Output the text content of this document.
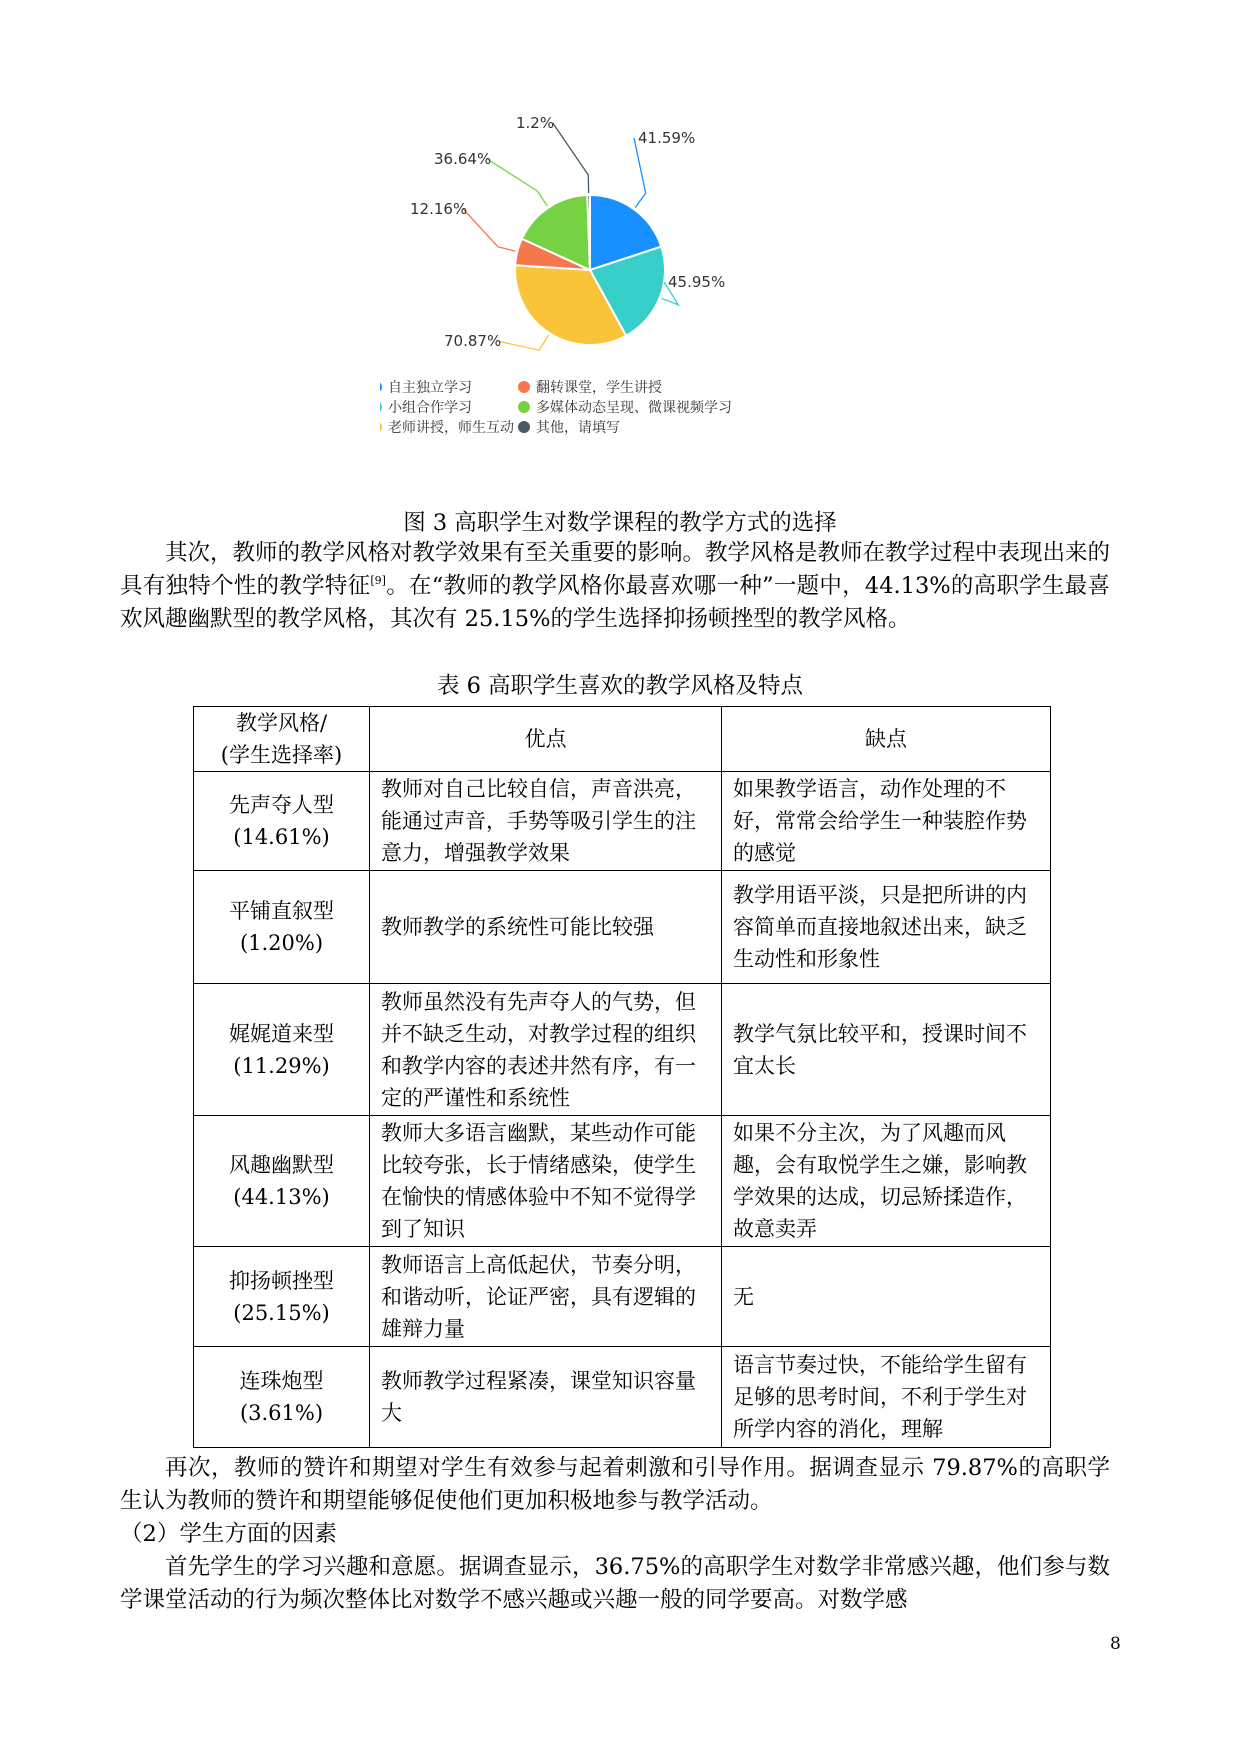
41.59%
45.95%
70.87%
12.16%
36.64%
1.2%
自主独立学习
小组合作学习
老师讲授，师生互动
翻转课堂，学生讲授
多媒体动态呈现、微课视频学习
其他，请填写
图 3 高职学生对数学课程的教学方式的选择

其次，教师的教学风格对教学效果有至关重要的影响。教学风格是教师在教学过程中表现出来的具有独特个性的教学特征[9]。在“教师的教学风格你最喜欢哪一种”一题中，44.13%的高职学生最喜欢风趣幽默型的教学风格，其次有 25.15%的学生选择抑扬顿挫型的教学风格。

表 6 高职学生喜欢的教学风格及特点
教学风格/
(学生选择率)	优点	缺点

先声夺人型
(14.61%)	教师对自己比较自信，声音洪亮，能通过声音，手势等吸引学生的注意力，增强教学效果	如果教学语言，动作处理的不好，常常会给学生一种装腔作势的感觉

平铺直叙型
(1.20%)	教师教学的系统性可能比较强	教学用语平淡，只是把所讲的内容简单而直接地叙述出来，缺乏生动性和形象性

娓娓道来型
(11.29%)	教师虽然没有先声夺人的气势，但并不缺乏生动，对教学过程的组织和教学内容的表述井然有序，有一定的严谨性和系统性	教学气氛比较平和，授课时间不宜太长

风趣幽默型
(44.13%)	教师大多语言幽默，某些动作可能比较夸张，长于情绪感染，使学生在愉快的情感体验中不知不觉得学到了知识	如果不分主次，为了风趣而风趣，会有取悦学生之嫌，影响教学效果的达成，切忌矫揉造作，故意卖弄

抑扬顿挫型
(25.15%)	教师语言上高低起伏，节奏分明，和谐动听，论证严密，具有逻辑的雄辩力量	无

连珠炮型
(3.61%)	教师教学过程紧凑，课堂知识容量大	语言节奏过快，不能给学生留有足够的思考时间，不利于学生对所学内容的消化，理解

再次，教师的赞许和期望对学生有效参与起着刺激和引导作用。据调查显示 79.87%的高职学生认为教师的赞许和期望能够促使他们更加积极地参与教学活动。

（2）学生方面的因素

首先学生的学习兴趣和意愿。据调查显示，36.75%的高职学生对数学非常感兴趣，他们参与数学课堂活动的行为频次整体比对数学不感兴趣或兴趣一般的同学要高。对数学感

8
